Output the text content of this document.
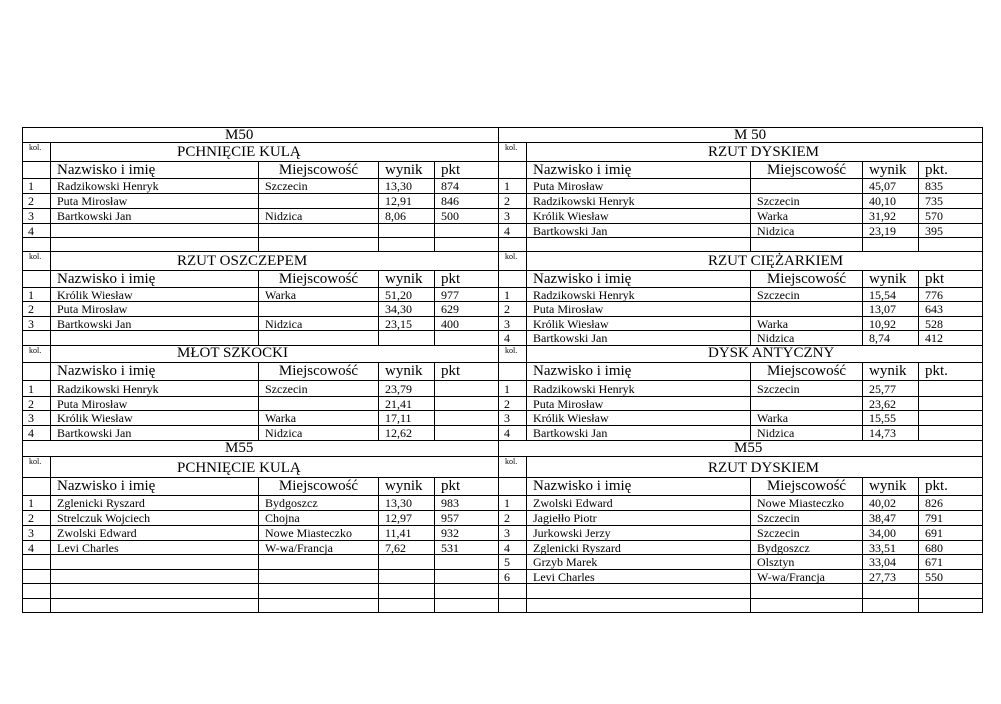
M50					M 50				
kol.	PCHNIĘCIE KULĄ				kol.	RZUT DYSKIEM			
	Nazwisko i imię	Miejscowość	wynik	pkt		Nazwisko i imię	Miejscowość	wynik	pkt.
1	Radzikowski Henryk	Szczecin	13,30	874	1	Puta Mirosław		45,07	835
2	Puta Mirosław		12,91	846	2	Radzikowski Henryk	Szczecin	40,10	735
3	Bartkowski Jan	Nidzica	8,06	500	3	Królik Wiesław	Warka	31,92	570
4					4	Bartkowski Jan	Nidzica	23,19	395

kol.	RZUT OSZCZEPEM				kol.	RZUT CIĘŻARKIEM			
	Nazwisko i imię	Miejscowość	wynik	pkt		Nazwisko i imię	Miejscowość	wynik	pkt
1	Królik Wiesław	Warka	51,20	977	1	Radzikowski Henryk	Szczecin	15,54	776
2	Puta Mirosław		34,30	629	2	Puta Mirosław		13,07	643
3	Bartkowski Jan	Nidzica	23,15	400	3	Królik Wiesław	Warka	10,92	528
					4	Bartkowski Jan	Nidzica	8,74	412
kol.	MŁOT SZKOCKI				kol.	DYSK ANTYCZNY			
	Nazwisko i imię	Miejscowość	wynik	pkt		Nazwisko i imię	Miejscowość	wynik	pkt.
1	Radzikowski Henryk	Szczecin	23,79		1	Radzikowski Henryk	Szczecin	25,77	
2	Puta Mirosław		21,41		2	Puta Mirosław		23,62	
3	Królik Wiesław	Warka	17,11		3	Królik Wiesław	Warka	15,55	
4	Bartkowski Jan	Nidzica	12,62		4	Bartkowski Jan	Nidzica	14,73	
M55					M55				
kol.	PCHNIĘCIE KULĄ				kol.	RZUT DYSKIEM			
	Nazwisko i imię	Miejscowość	wynik	pkt		Nazwisko i imię	Miejscowość	wynik	pkt.
1	Zglenicki Ryszard	Bydgoszcz	13,30	983	1	Zwolski Edward	Nowe Miasteczko	40,02	826
2	Strelczuk Wojciech	Chojna	12,97	957	2	Jagiełło Piotr	Szczecin	38,47	791
3	Zwolski Edward	Nowe Miasteczko	11,41	932	3	Jurkowski Jerzy	Szczecin	34,00	691
4	Levi Charles	W-wa/Francja	7,62	531	4	Zglenicki Ryszard	Bydgoszcz	33,51	680
					5	Grzyb Marek	Olsztyn	33,04	671
					6	Levi Charles	W-wa/Francja	27,73	550
